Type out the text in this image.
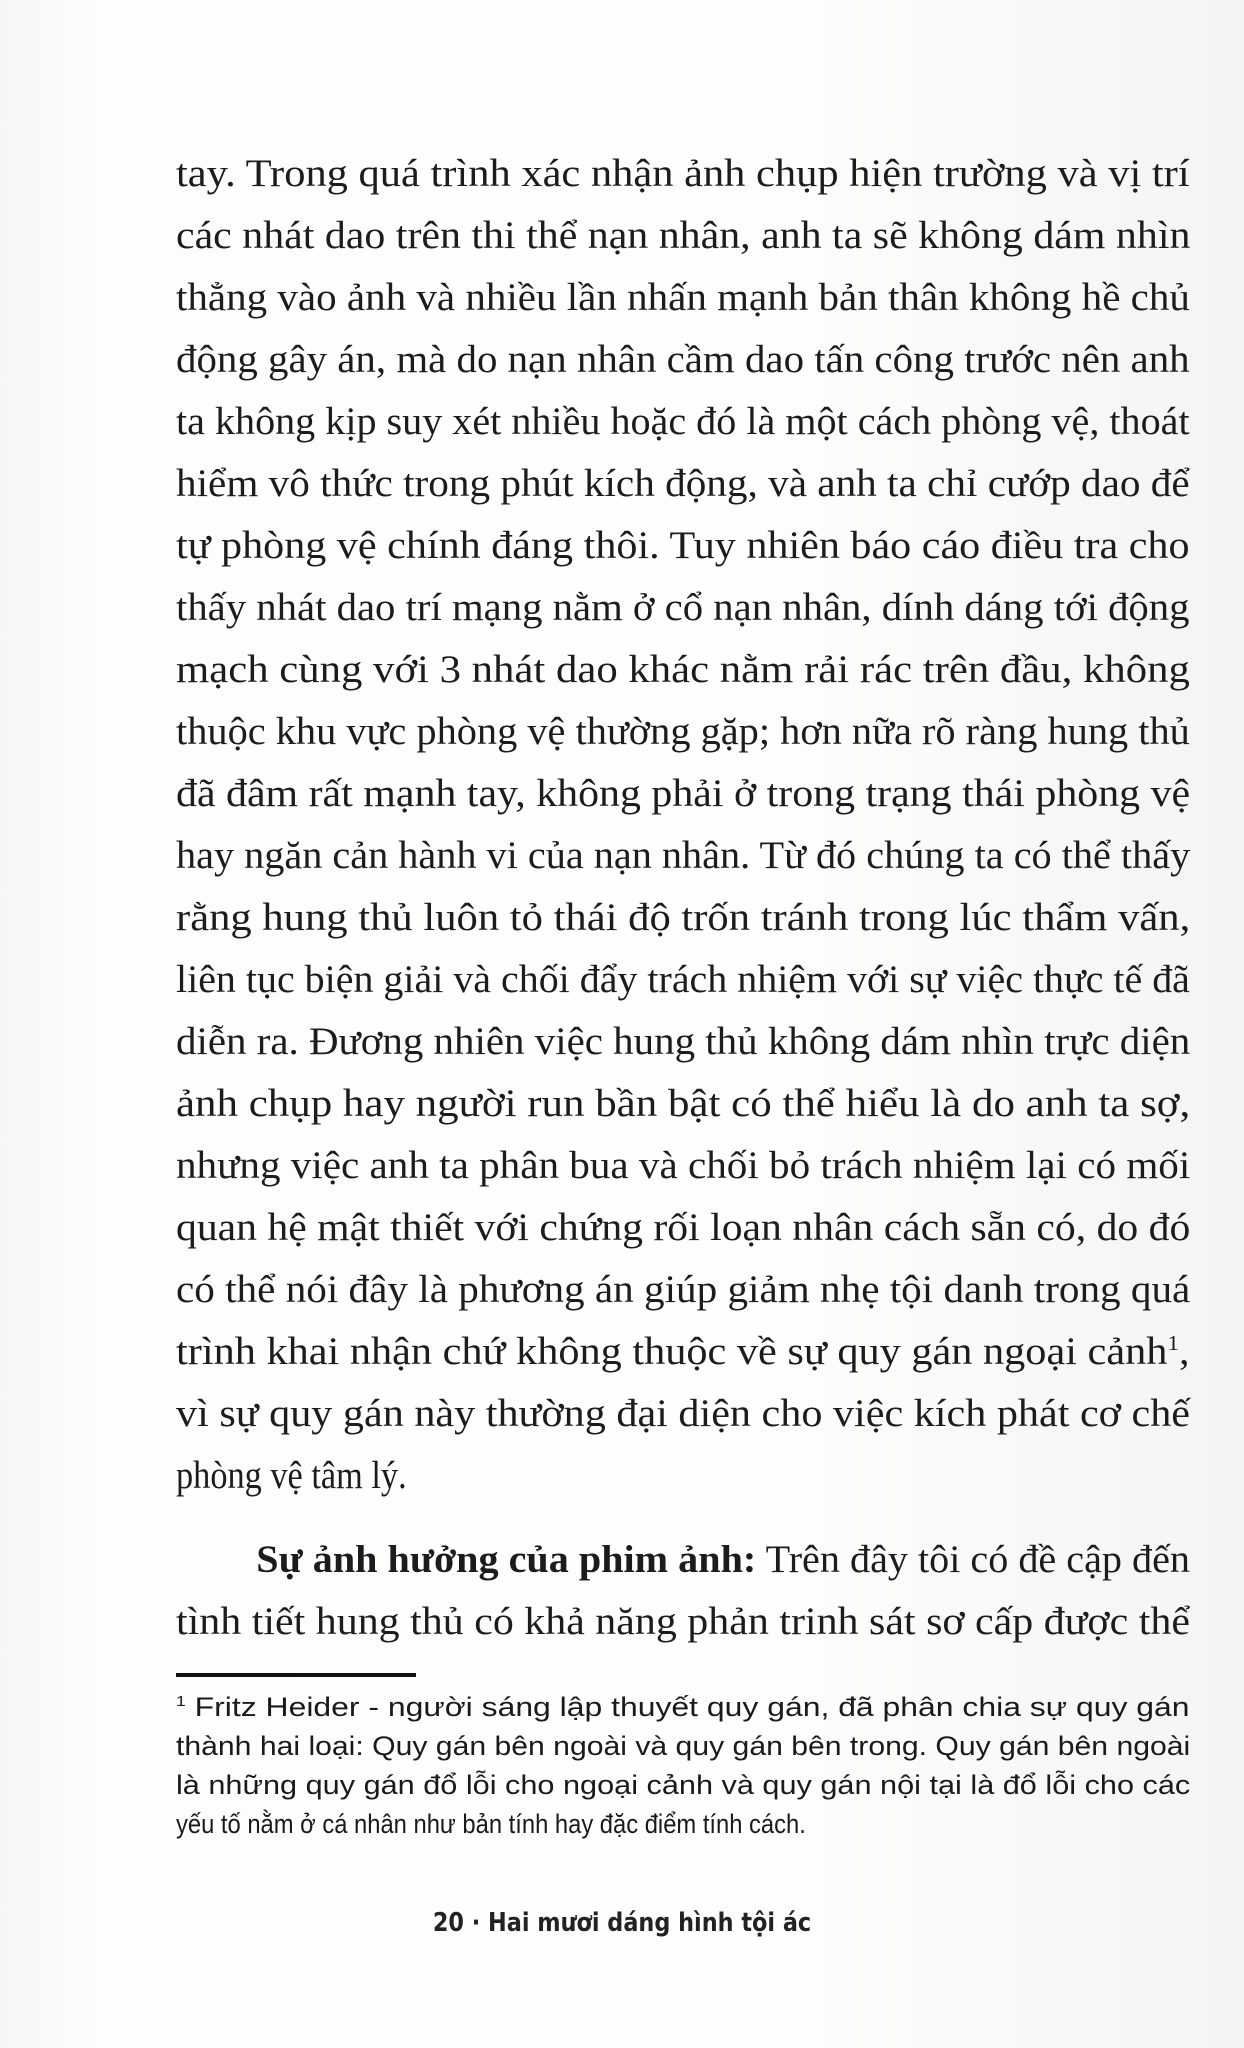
tay. Trong quá trình xác nhận ảnh chụp hiện trường và vị trí
các nhát dao trên thi thể nạn nhân, anh ta sẽ không dám nhìn
thẳng vào ảnh và nhiều lần nhấn mạnh bản thân không hề chủ
động gây án, mà do nạn nhân cầm dao tấn công trước nên anh
ta không kịp suy xét nhiều hoặc đó là một cách phòng vệ, thoát
hiểm vô thức trong phút kích động, và anh ta chỉ cướp dao để
tự phòng vệ chính đáng thôi. Tuy nhiên báo cáo điều tra cho
thấy nhát dao trí mạng nằm ở cổ nạn nhân, dính dáng tới động
mạch cùng với 3 nhát dao khác nằm rải rác trên đầu, không
thuộc khu vực phòng vệ thường gặp; hơn nữa rõ ràng hung thủ
đã đâm rất mạnh tay, không phải ở trong trạng thái phòng vệ
hay ngăn cản hành vi của nạn nhân. Từ đó chúng ta có thể thấy
rằng hung thủ luôn tỏ thái độ trốn tránh trong lúc thẩm vấn,
liên tục biện giải và chối đẩy trách nhiệm với sự việc thực tế đã
diễn ra. Đương nhiên việc hung thủ không dám nhìn trực diện
ảnh chụp hay người run bần bật có thể hiểu là do anh ta sợ,
nhưng việc anh ta phân bua và chối bỏ trách nhiệm lại có mối
quan hệ mật thiết với chứng rối loạn nhân cách sẵn có, do đó
có thể nói đây là phương án giúp giảm nhẹ tội danh trong quá
trình khai nhận chứ không thuộc về sự quy gán ngoại cảnh$^1$,
vì sự quy gán này thường đại diện cho việc kích phát cơ chế
phòng vệ tâm lý.
Sự ảnh hưởng của phim ảnh: Trên đây tôi có đề cập đến
tình tiết hung thủ có khả năng phản trinh sát sơ cấp được thể
$^1$ Fritz Heider - người sáng lập thuyết quy gán, đã phân chia sự quy gán
thành hai loại: Quy gán bên ngoài và quy gán bên trong. Quy gán bên ngoài
là những quy gán đổ lỗi cho ngoại cảnh và quy gán nội tại là đổ lỗi cho các
yếu tố nằm ở cá nhân như bản tính hay đặc điểm tính cách.
20 · Hai mươi dáng hình tội ác
